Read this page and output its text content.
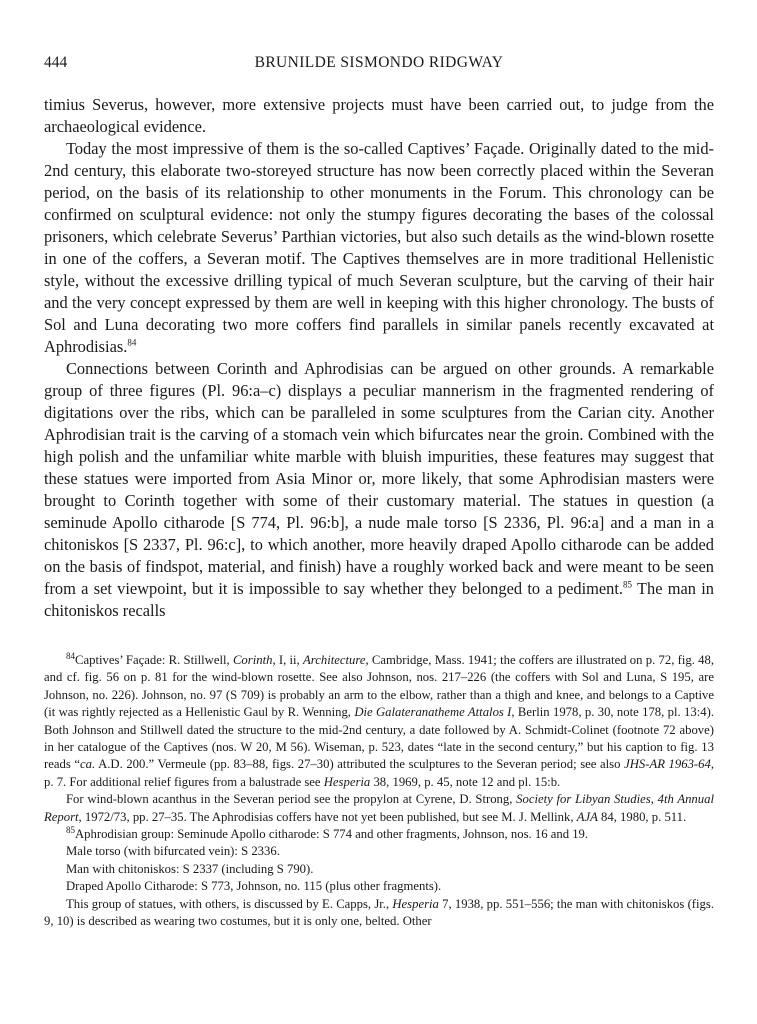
444	BRUNILDE SISMONDO RIDGWAY

timius Severus, however, more extensive projects must have been carried out, to judge from the archaeological evidence.

Today the most impressive of them is the so-called Captives’ Façade. Originally dated to the mid-2nd century, this elaborate two-storeyed structure has now been correctly placed within the Severan period, on the basis of its relationship to other monuments in the Forum. This chronology can be confirmed on sculptural evidence: not only the stumpy figures decorating the bases of the colossal prisoners, which celebrate Severus’ Parthian victories, but also such details as the wind-blown rosette in one of the coffers, a Severan motif. The Captives themselves are in more traditional Hellenistic style, without the excessive drilling typical of much Severan sculpture, but the carving of their hair and the very concept expressed by them are well in keeping with this higher chronology. The busts of Sol and Luna decorating two more coffers find parallels in similar panels recently excavated at Aphrodisias.$^{84}$

Connections between Corinth and Aphrodisias can be argued on other grounds. A remarkable group of three figures (Pl. 96:a–c) displays a peculiar mannerism in the fragmented rendering of digitations over the ribs, which can be paralleled in some sculptures from the Carian city. Another Aphrodisian trait is the carving of a stomach vein which bifurcates near the groin. Combined with the high polish and the unfamiliar white marble with bluish impurities, these features may suggest that these statues were imported from Asia Minor or, more likely, that some Aphrodisian masters were brought to Corinth together with some of their customary material. The statues in question (a seminude Apollo citharode [S 774, Pl. 96:b], a nude male torso [S 2336, Pl. 96:a] and a man in a chitoniskos [S 2337, Pl. 96:c], to which another, more heavily draped Apollo citharode can be added on the basis of findspot, material, and finish) have a roughly worked back and were meant to be seen from a set viewpoint, but it is impossible to say whether they belonged to a pediment.$^{85}$ The man in chitoniskos recalls

$^{84}$Captives’ Façade: R. Stillwell, Corinth, I, ii, Architecture, Cambridge, Mass. 1941; the coffers are illustrated on p. 72, fig. 48, and cf. fig. 56 on p. 81 for the wind-blown rosette. See also Johnson, nos. 217–226 (the coffers with Sol and Luna, S 195, are Johnson, no. 226). Johnson, no. 97 (S 709) is probably an arm to the elbow, rather than a thigh and knee, and belongs to a Captive (it was rightly rejected as a Hellenistic Gaul by R. Wenning, Die Galateranatheme Attalos I, Berlin 1978, p. 30, note 178, pl. 13:4). Both Johnson and Stillwell dated the structure to the mid-2nd century, a date followed by A. Schmidt-Colinet (footnote 72 above) in her catalogue of the Captives (nos. W 20, M 56). Wiseman, p. 523, dates “late in the second century,” but his caption to fig. 13 reads “ca. A.D. 200.” Vermeule (pp. 83–88, figs. 27–30) attributed the sculptures to the Severan period; see also JHS-AR 1963-64, p. 7. For additional relief figures from a balustrade see Hesperia 38, 1969, p. 45, note 12 and pl. 15:b.

For wind-blown acanthus in the Severan period see the propylon at Cyrene, D. Strong, Society for Libyan Studies, 4th Annual Report, 1972/73, pp. 27–35. The Aphrodisias coffers have not yet been published, but see M. J. Mellink, AJA 84, 1980, p. 511.

$^{85}$Aphrodisian group: Seminude Apollo citharode: S 774 and other fragments, Johnson, nos. 16 and 19.

Male torso (with bifurcated vein): S 2336.

Man with chitoniskos: S 2337 (including S 790).

Draped Apollo Citharode: S 773, Johnson, no. 115 (plus other fragments).

This group of statues, with others, is discussed by E. Capps, Jr., Hesperia 7, 1938, pp. 551–556; the man with chitoniskos (figs. 9, 10) is described as wearing two costumes, but it is only one, belted. Other
